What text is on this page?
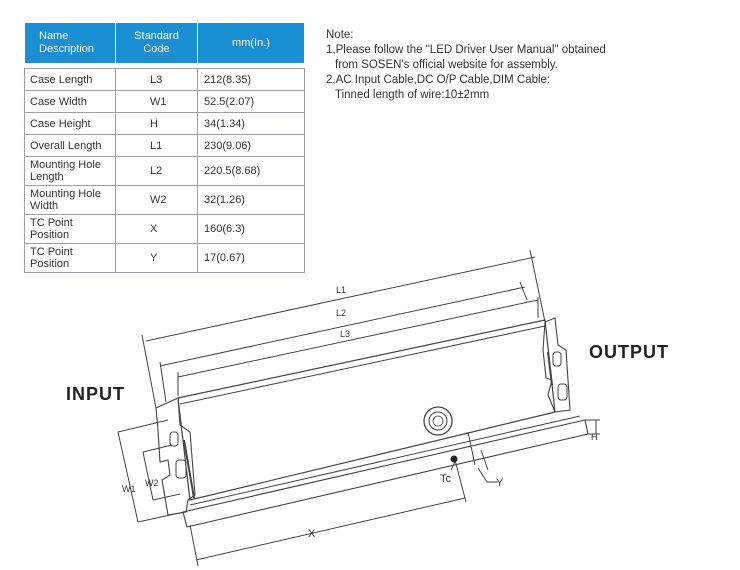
Name Description	Standard Code	mm(In.)

Case Length	L3	212(8.35)
Case Width	W1	52.5(2.07)
Case Height	H	34(1.34)
Overall Length	L1	230(9.06)
Mounting Hole Length	L2	220.5(8.68)
Mounting Hole Width	W2	32(1.26)
TC Point Position	X	160(6.3)
TC Point Position	Y	17(0.67)
Note:
1,Please follow the "LED Driver User Manual" obtained
from SOSEN's official website for assembly.
2,AC Input Cable,DC O/P Cable,DIM Cable:
Tinned length of wire:10±2mm
INPUT
OUTPUT
L1
L2
L3
W1
W2
H
X
Y
Tc
